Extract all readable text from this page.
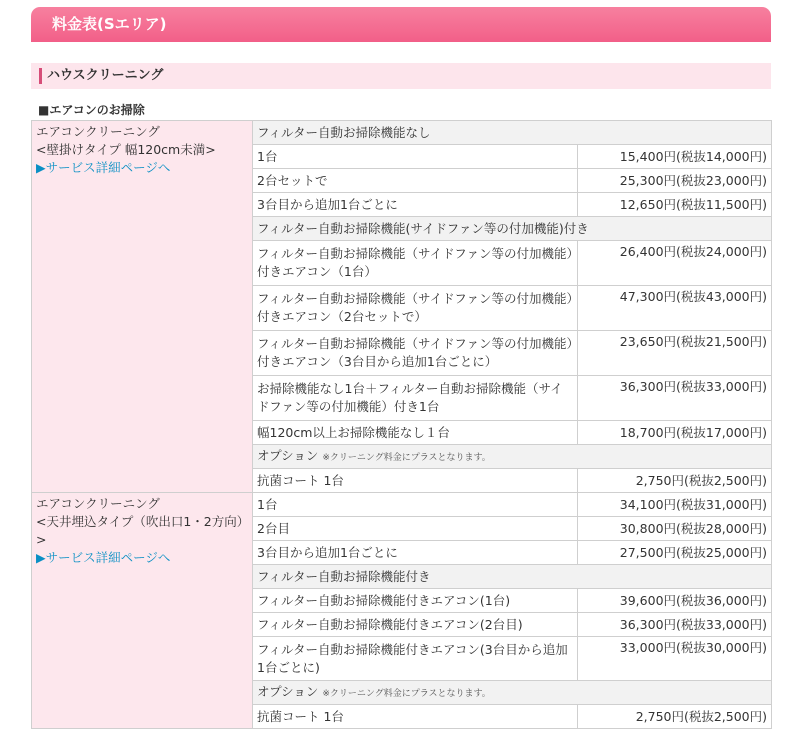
料金表(Sエリア)
ハウスクリーニング
■エアコンのお掃除
エアコンクリーニング
<壁掛けタイプ 幅120cm未満>
▶サービス詳細ページへ	フィルター自動お掃除機能なし	
	1台	15,400円(税抜14,000円)
	2台セットで	25,300円(税抜23,000円)
	3台目から追加1台ごとに	12,650円(税抜11,500円)
	フィルター自動お掃除機能(サイドファン等の付加機能)付き	
	フィルター自動お掃除機能（サイドファン等の付加機能）付きエアコン（1台）	26,400円(税抜24,000円)
	フィルター自動お掃除機能（サイドファン等の付加機能）付きエアコン（2台セットで）	47,300円(税抜43,000円)
	フィルター自動お掃除機能（サイドファン等の付加機能）付きエアコン（3台目から追加1台ごとに）	23,650円(税抜21,500円)
	お掃除機能なし1台＋フィルター自動お掃除機能（サイドファン等の付加機能）付き1台	36,300円(税抜33,000円)
	幅120cm以上お掃除機能なし１台	18,700円(税抜17,000円)
	オプション ※クリーニング料金にプラスとなります。	
	抗菌コート 1台	2,750円(税抜2,500円)

エアコンクリーニング
<天井埋込タイプ（吹出口1・2方向）>
▶サービス詳細ページへ	1台	34,100円(税抜31,000円)
	2台目	30,800円(税抜28,000円)
	3台目から追加1台ごとに	27,500円(税抜25,000円)
	フィルター自動お掃除機能付き	
	フィルター自動お掃除機能付きエアコン(1台)	39,600円(税抜36,000円)
	フィルター自動お掃除機能付きエアコン(2台目)	36,300円(税抜33,000円)
	フィルター自動お掃除機能付きエアコン(3台目から追加1台ごとに)	33,000円(税抜30,000円)
	オプション ※クリーニング料金にプラスとなります。	
	抗菌コート 1台	2,750円(税抜2,500円)
